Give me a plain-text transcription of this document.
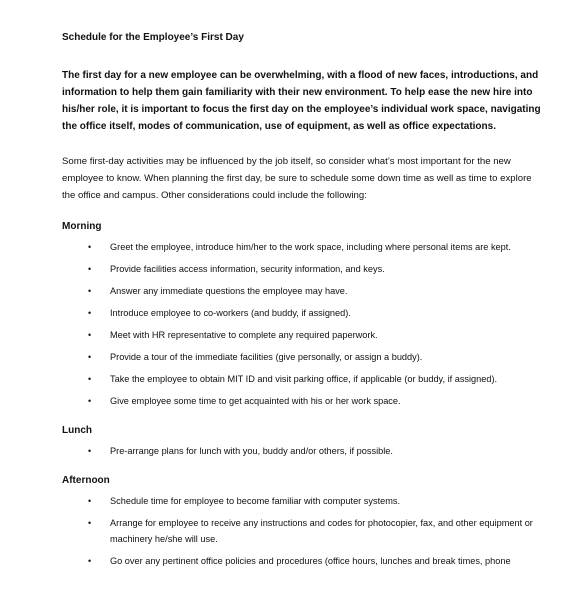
Schedule for the Employee’s First Day

The first day for a new employee can be overwhelming, with a flood of new faces, introductions, and information to help them gain familiarity with their new environment. To help ease the new hire into his/her role, it is important to focus the first day on the employee’s individual work space, navigating the office itself, modes of communication, use of equipment, as well as office expectations.

Some first-day activities may be influenced by the job itself, so consider what’s most important for the new employee to know. When planning the first day, be sure to schedule some down time as well as time to explore the office and campus. Other considerations could include the following:

Morning
• Greet the employee, introduce him/her to the work space, including where personal items are kept.
• Provide facilities access information, security information, and keys.
• Answer any immediate questions the employee may have.
• Introduce employee to co-workers (and buddy, if assigned).
• Meet with HR representative to complete any required paperwork.
• Provide a tour of the immediate facilities (give personally, or assign a buddy).
• Take the employee to obtain MIT ID and visit parking office, if applicable (or buddy, if assigned).
• Give employee some time to get acquainted with his or her work space.
Lunch
• Pre-arrange plans for lunch with you, buddy and/or others, if possible.
Afternoon
• Schedule time for employee to become familiar with computer systems.
• Arrange for employee to receive any instructions and codes for photocopier, fax, and other equipment or machinery he/she will use.
• Go over any pertinent office policies and procedures (office hours, lunches and break times, phone
